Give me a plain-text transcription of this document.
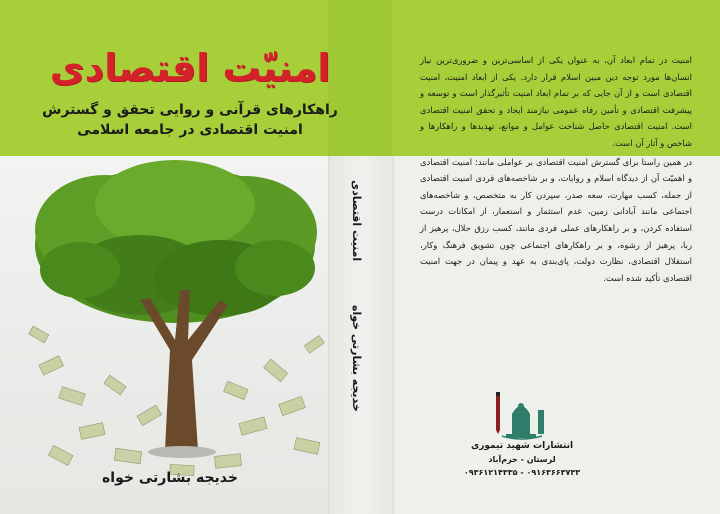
امنیّت اقتصادی
راهکارهای قرآنی و روایی تحقق و گسترش
امنیت اقتصادی در جامعه اسلامی
خدیجه بشارتی خواه
امنیت اقتصادی
خدیجه بشارتی خواه

امنیت در تمام ابعاد آن، به عنوان یکی از اساسی‌ترین و ضروری‌ترین نیاز انسان‌ها مورد توجه دین مبین اسلام قرار دارد. یکی از ابعاد امنیت، امنیت اقتصادی است و از آن جایی که بر تمام ابعاد امنیت تأثیرگذار است و توسعه و پیشرفت اقتصادی و تأمین رفاه عمومی نیازمند ایجاد و تحقق امنیت اقتصادی است. امنیت اقتصادی حاصل شناخت عوامل و موانع، تهدیدها و راهکارها و شاخص و آثار آن است.

در همین راستا برای گسترش امنیت اقتصادی بر عواملی مانند: امنیت اقتصادی و اهمیّت آن از دیدگاه اسلام و روایات، و بر شاخصه‌های فردی امنیت اقتصادی از جمله، کسب مهارت، سعه صدر، سپردن کار به متخصص، و شاخصه‌های اجتماعی مانند آبادانی زمین، عدم استثمار و استعمار، از امکانات درست استفاده کردن، و بر راهکارهای عملی فردی مانند، کسب رزق حلال، پرهیز از ربا، پرهیز از رشوه، و بر راهکارهای اجتماعی چون تشویق فرهنگ وکار، استقلال اقتصادی، نظارت دولت، پای‌بندی به عهد و پیمان در جهت امنیت اقتصادی تأکید شده است.

انتشارات شهید تیموری
لرستان - خرم‌آباد
۰۹۳۶۱۲۱۴۳۳۵ - ۰۹۱۶۳۶۶۳۷۳۳
